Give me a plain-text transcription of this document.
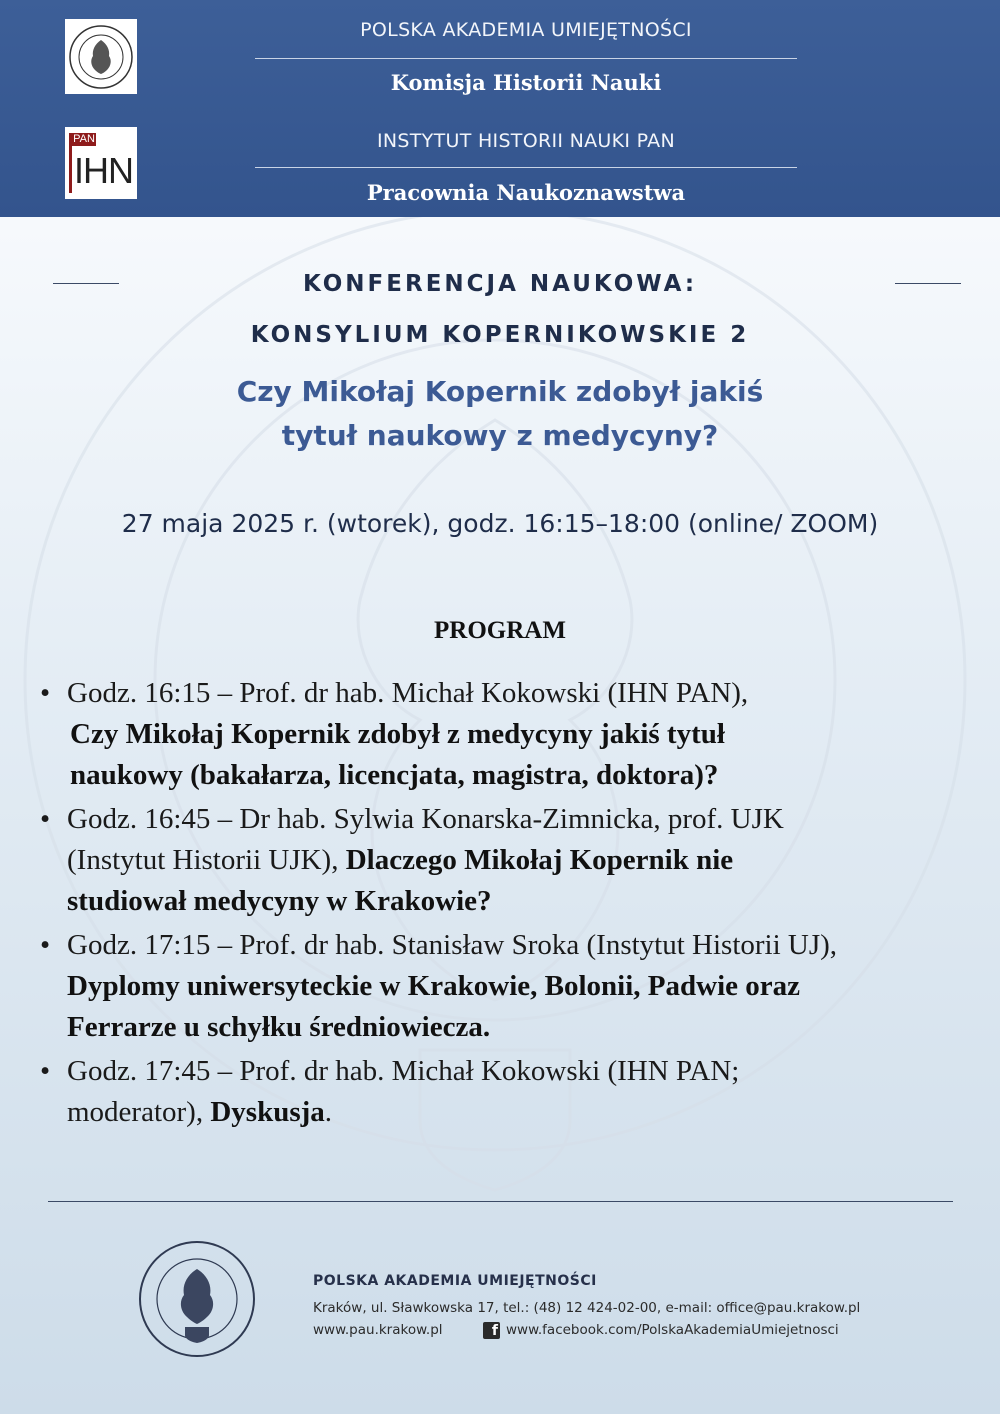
PAN
IHN
POLSKA AKADEMIA UMIEJĘTNOŚCI
Komisja Historii Nauki
INSTYTUT HISTORII NAUKI PAN
Pracownia Naukoznawstwa
KONFERENCJA NAUKOWA:
KONSYLIUM KOPERNIKOWSKIE 2
Czy Mikołaj Kopernik zdobył jakiś
tytuł naukowy z medycyny?
27 maja 2025 r. (wtorek), godz. 16:15–18:00 (online/ ZOOM)
PROGRAM
• Godz. 16:15 – Prof. dr hab. Michał Kokowski (IHN PAN),
Czy Mikołaj Kopernik zdobył z medycyny jakiś tytuł
naukowy (bakałarza, licencjata, magistra, doktora)?
• Godz. 16:45 – Dr hab. Sylwia Konarska-Zimnicka, prof. UJK
(Instytut Historii UJK), Dlaczego Mikołaj Kopernik nie
studiował medycyny w Krakowie?
• Godz. 17:15 – Prof. dr hab. Stanisław Sroka (Instytut Historii UJ),
Dyplomy uniwersyteckie w Krakowie, Bolonii, Padwie oraz
Ferrarze u schyłku średniowiecza.
• Godz. 17:45 – Prof. dr hab. Michał Kokowski (IHN PAN;
moderator), Dyskusja.
POLSKA AKADEMIA UMIEJĘTNOŚCI
Kraków, ul. Sławkowska 17, tel.: (48) 12 424-02-00, e-mail: office@pau.krakow.pl
www.pau.krakow.pl	f www.facebook.com/PolskaAkademiaUmiejetnosci
